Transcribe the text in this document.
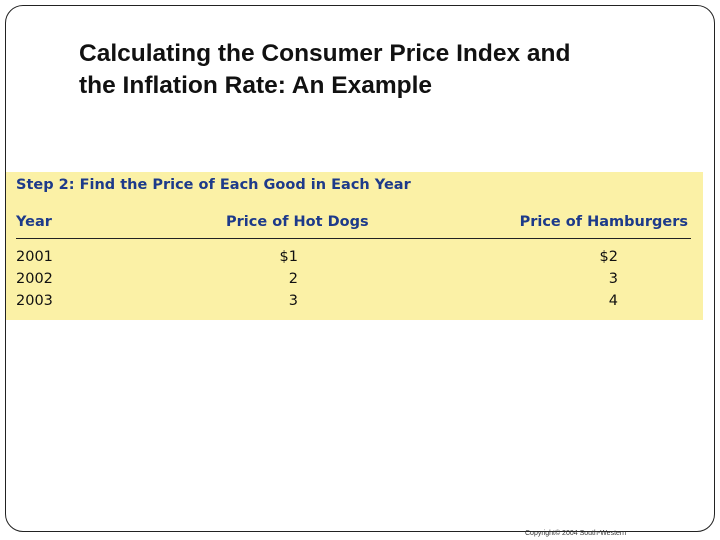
Calculating the Consumer Price Index and
the Inflation Rate: An Example
Step 2: Find the Price of Each Good in Each Year
Year	Price of Hot Dogs	Price of Hamburgers
2001	$1	$2
2002	2	3
2003	3	4
Copyright© 2004 South-Western
